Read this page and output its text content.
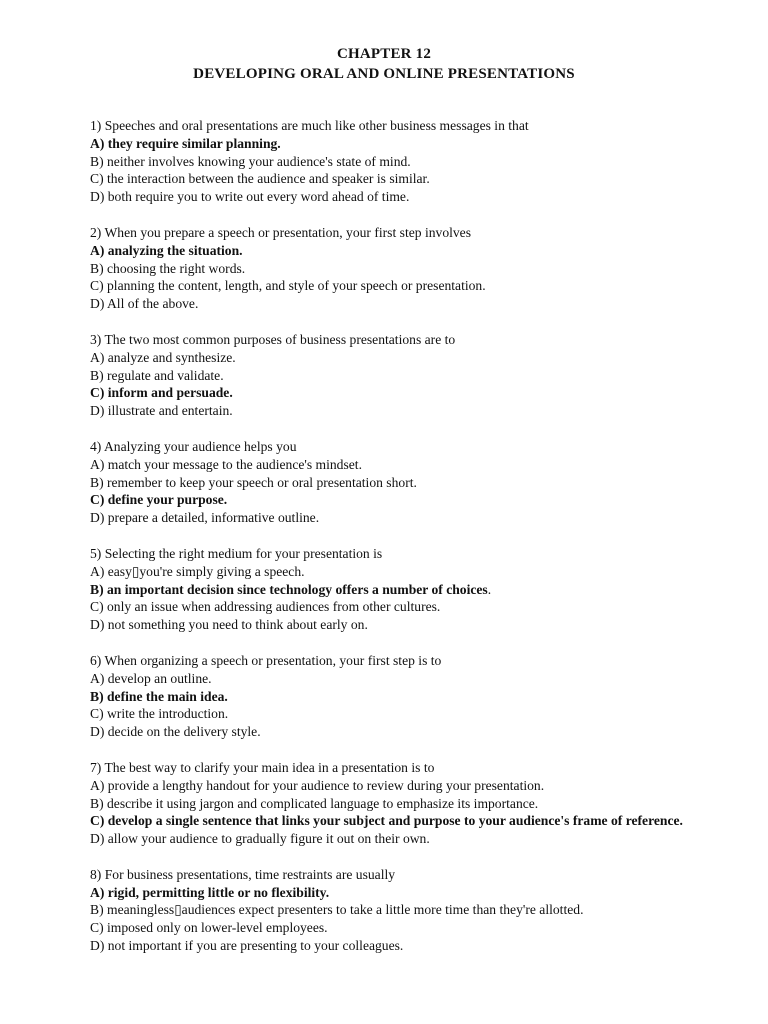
CHAPTER 12
DEVELOPING ORAL AND ONLINE PRESENTATIONS
1) Speeches and oral presentations are much like other business messages in that
A) they require similar planning.
B) neither involves knowing your audience's state of mind.
C) the interaction between the audience and speaker is similar.
D) both require you to write out every word ahead of time.
2) When you prepare a speech or presentation, your first step involves
A) analyzing the situation.
B) choosing the right words.
C) planning the content, length, and style of your speech or presentation.
D) All of the above.
3) The two most common purposes of business presentations are to
A) analyze and synthesize.
B) regulate and validate.
C) inform and persuade.
D) illustrate and entertain.
4) Analyzing your audience helps you
A) match your message to the audience's mindset.
B) remember to keep your speech or oral presentation short.
C) define your purpose.
D) prepare a detailed, informative outline.
5) Selecting the right medium for your presentation is
A) easy▯you're simply giving a speech.
B) an important decision since technology offers a number of choices.
C) only an issue when addressing audiences from other cultures.
D) not something you need to think about early on.
6) When organizing a speech or presentation, your first step is to
A) develop an outline.
B) define the main idea.
C) write the introduction.
D) decide on the delivery style.
7) The best way to clarify your main idea in a presentation is to
A) provide a lengthy handout for your audience to review during your presentation.
B) describe it using jargon and complicated language to emphasize its importance.
C) develop a single sentence that links your subject and purpose to your audience's frame of reference.
D) allow your audience to gradually figure it out on their own.
8) For business presentations, time restraints are usually
A) rigid, permitting little or no flexibility.
B) meaningless▯audiences expect presenters to take a little more time than they're allotted.
C) imposed only on lower-level employees.
D) not important if you are presenting to your colleagues.
